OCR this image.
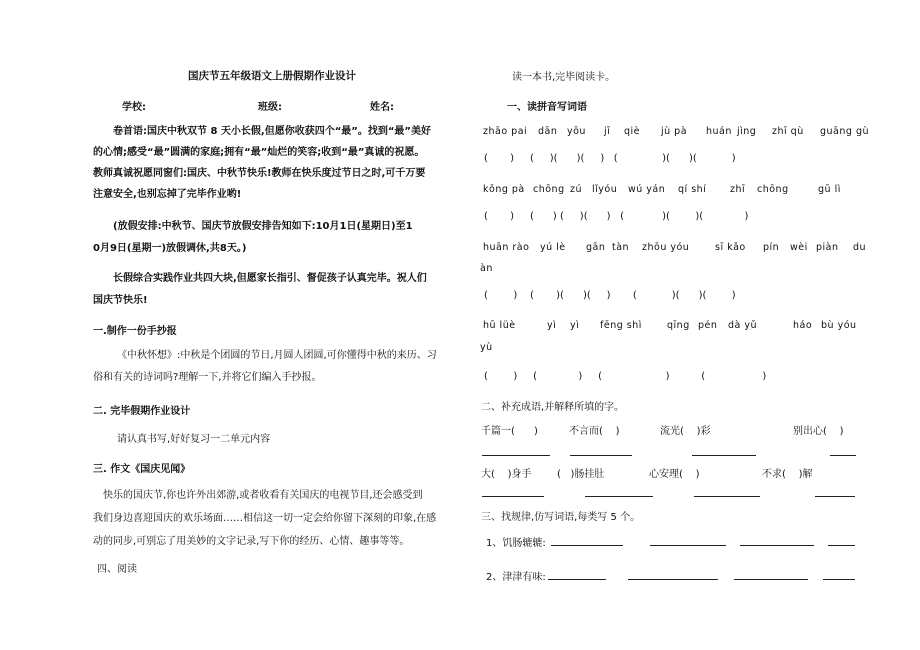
国庆节五年级语文上册假期作业设计
学校:	班级:	姓名:
卷首语:国庆中秋双节 8 天小长假,但愿你收获四个“最”。找到“最”美好
的心情;感受“最”圆满的家庭;拥有“最”灿烂的笑容;收到“最”真诚的祝愿。
教师真诚祝愿同窗们:国庆、中秋节快乐!教师在快乐度过节日之时,可千万要
注意安全,也别忘掉了完毕作业哟!
(放假安排:中秋节、国庆节放假安排告知如下:10月1日(星期日)至1
0月9日(星期一)放假调休,共8天。)
长假综合实践作业共四大块,但愿家长指引、督促孩子认真完毕。祝人们
国庆节快乐!
一.制作一份手抄报
《中秋怀想》:中秋是个团圆的节日,月圆人团圆,可你懂得中秋的来历、习
俗和有关的诗词吗?理解一下,并将它们编入手抄报。
二. 完毕假期作业设计
请认真书写,好好复习一二单元内容
三. 作文《国庆见闻》
快乐的国庆节,你也许外出郊游,或者收看有关国庆的电视节目,还会感受到
我们身边喜迎国庆的欢乐场面……相信这一切一定会给你留下深刻的印象,在感
动的同步,可别忘了用美妙的文字记录,写下你的经历、心情、趣事等等。
四、阅读
读一本书,完毕阅读卡。
一、读拼音写词语
zhāo pai dān yōu jī qiè jù pà huán jìng zhī qù guāng gù
(       )     (     )(      )(     )   (              )(      )(           )
kǒng pà chōng zú lǐyóu wú yán qí shí zhī chōng	gū lì
(       )     (      ) (     )(      )   (            )(        )(             )
huān rào yú lè gān tàn zhōu yóu	sī kǎo pín wèi piàn du
àn
(        )    (       )(      )(     )       (           )(      )(        )
hū lüè	yì yì fēng shì	qīng pén dà yǔ	háo bù yóu
yù
(        )     (             )     (                    )          (                  )
二、补充成语,并解释所填的字。
千篇一( )	不言而( )	流光( )彩	别出心( )
大( )身手	( )肠挂肚	心安理( )	不求( )解
三、找规律,仿写词语,每类写 5 个。
1、饥肠辘辘:
2、津津有味:
